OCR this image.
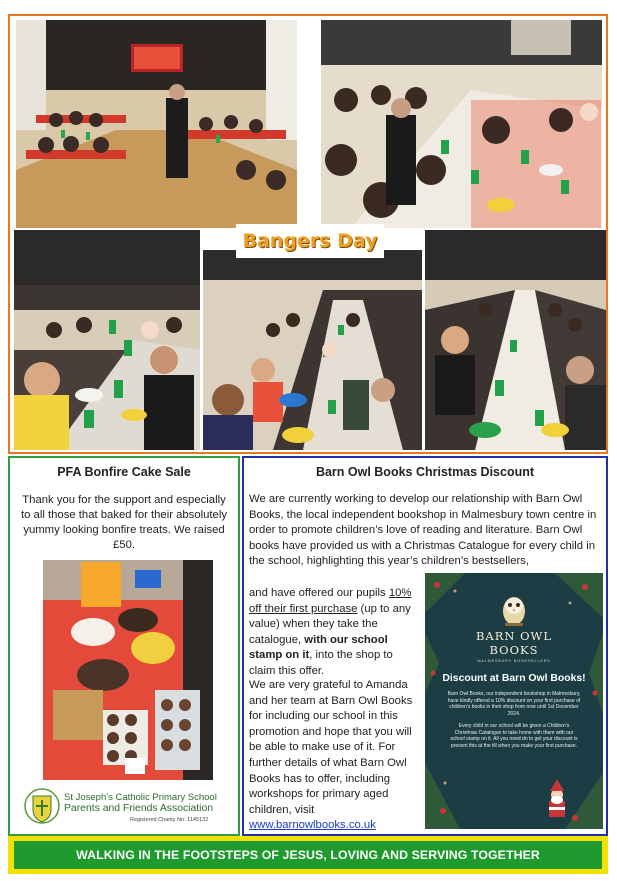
Bangers Day
PFA Bonfire Cake Sale
Thank you for the support and especially to all those that baked for their absolutely yummy looking bonfire treats. We raised £50.
St Joseph's Catholic Primary School
Parents and Friends Association
Registered Charity No: 1145132
Barn Owl Books Christmas Discount
We are currently working to develop our relationship with Barn Owl Books, the local independent bookshop in Malmesbury town centre in order to promote children’s love of reading and literature. Barn Owl books have provided us with a Christmas Catalogue for every child in the school, highlighting this year’s children’s bestsellers,
and have offered our pupils 10% off their first purchase (up to any value) when they take the catalogue, with our school stamp on it, into the shop to claim this offer.
We are very grateful to Amanda and her team at Barn Owl Books for including our school in this promotion and hope that you will be able to make use of it. For further details of what Barn Owl Books has to offer, including workshops for primary aged children, visit www.barnowlbooks.co.uk
BARN OWL
BOOKS
MALMESBURY BOOKSELLERS
Discount at Barn Owl Books!
Barn Owl Books, our independent bookshop in Malmesbury, have kindly offered a 10% discount on your first purchase of children’s books in their shop from now until 1st December 2024.
Every child in our school will be given a Children’s Christmas Catalogue to take home with them with our school stamp on it. All you need do to get your discount is present this at the till when you make your first purchase.
WALKING IN THE FOOTSTEPS OF JESUS, LOVING AND SERVING TOGETHER
